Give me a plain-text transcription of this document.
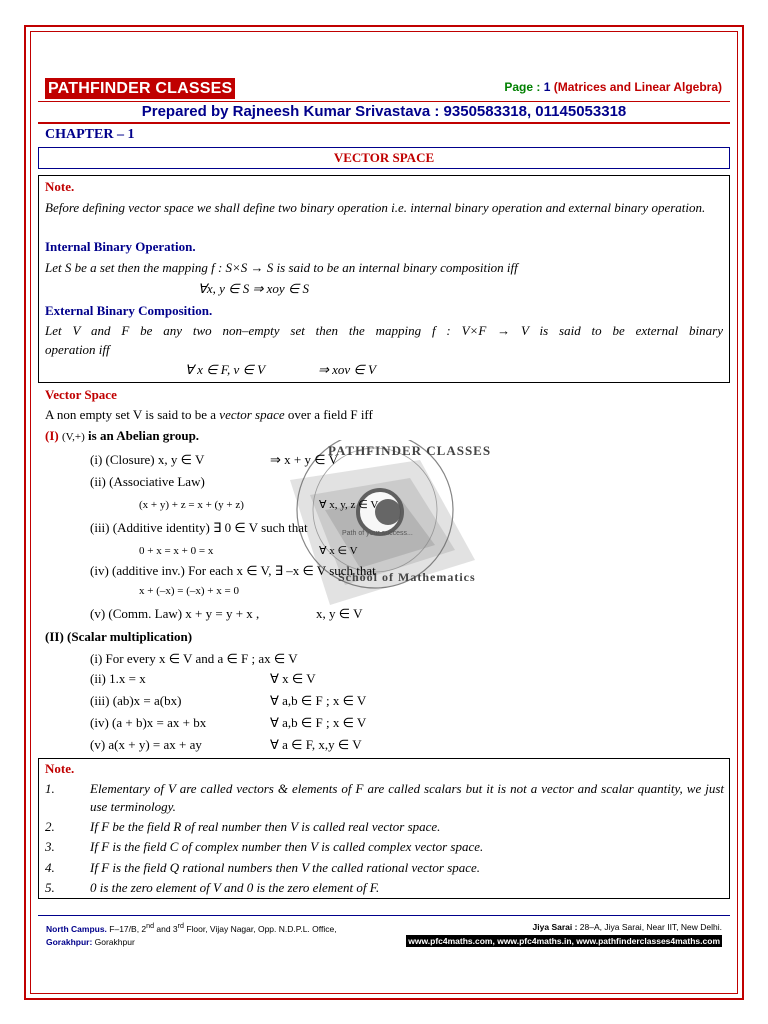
PATHFINDER CLASSES	Page : 1 (Matrices and Linear Algebra)
Prepared by Rajneesh Kumar Srivastava : 9350583318, 01145053318
CHAPTER – 1
VECTOR SPACE
Note.
Before defining vector space we shall define two binary operation i.e. internal binary operation and external binary operation.
Internal Binary Operation.
Let S be a set then the mapping f : S×S → S is said to be an internal binary composition iff
∀x, y ∈ S ⇒ xoy ∈ S
External Binary Composition.
Let V and F be any two non–empty set then the mapping f : V×F → V is said to be external binary
operation iff
∀ x ∈ F, v ∈ V	⇒ xov ∈ V
PATHFINDER CLASSES
School of Mathematics
Path of your success...
Vector Space
A non empty set V is said to be a vector space over a field F iff
(I) (V,+) is an Abelian group.
(i) (Closure) x, y ∈ V	⇒ x + y ∈ V
(ii) (Associative Law)
(x + y) + z = x + (y + z)	∀ x, y, z ∈ V
(iii) (Additive identity) ∃ 0 ∈ V such that
0 + x = x + 0 = x	∀ x ∈ V
(iv) (additive inv.) For each x ∈ V, ∃ –x ∈ V such that
x + (–x) = (–x) + x = 0
(v) (Comm. Law) x + y = y + x ,	x, y ∈ V
(II) (Scalar multiplication)
(i) For every x ∈ V and a ∈ F ; ax ∈ V
(ii) 1.x = x	∀ x ∈ V
(iii) (ab)x = a(bx)	∀ a,b ∈ F ; x ∈ V
(iv) (a + b)x = ax + bx	∀ a,b ∈ F ; x ∈ V
(v) a(x + y) = ax + ay	∀ a ∈ F, x,y ∈ V
Note.
1.	Elementary of V are called vectors & elements of F are called scalars but it is not a vector and scalar quantity, we just use terminology.
2.	If F be the field R of real number then V is called real vector space.
3.	If F is the field C of complex number then V is called complex vector space.
4.	If F is the field Q rational numbers then V the called rational vector space.
5.	0 is the zero element of V and 0 is the zero element of F.
North Campus. F–17/B, 2nd and 3rd Floor, Vijay Nagar, Opp. N.D.P.L. Office,	Jiya Sarai : 28–A, Jiya Sarai, Near IIT, New Delhi.
Gorakhpur: Gorakhpur	www.pfc4maths.com, www.pfc4maths.in, www.pathfinderclasses4maths.com
